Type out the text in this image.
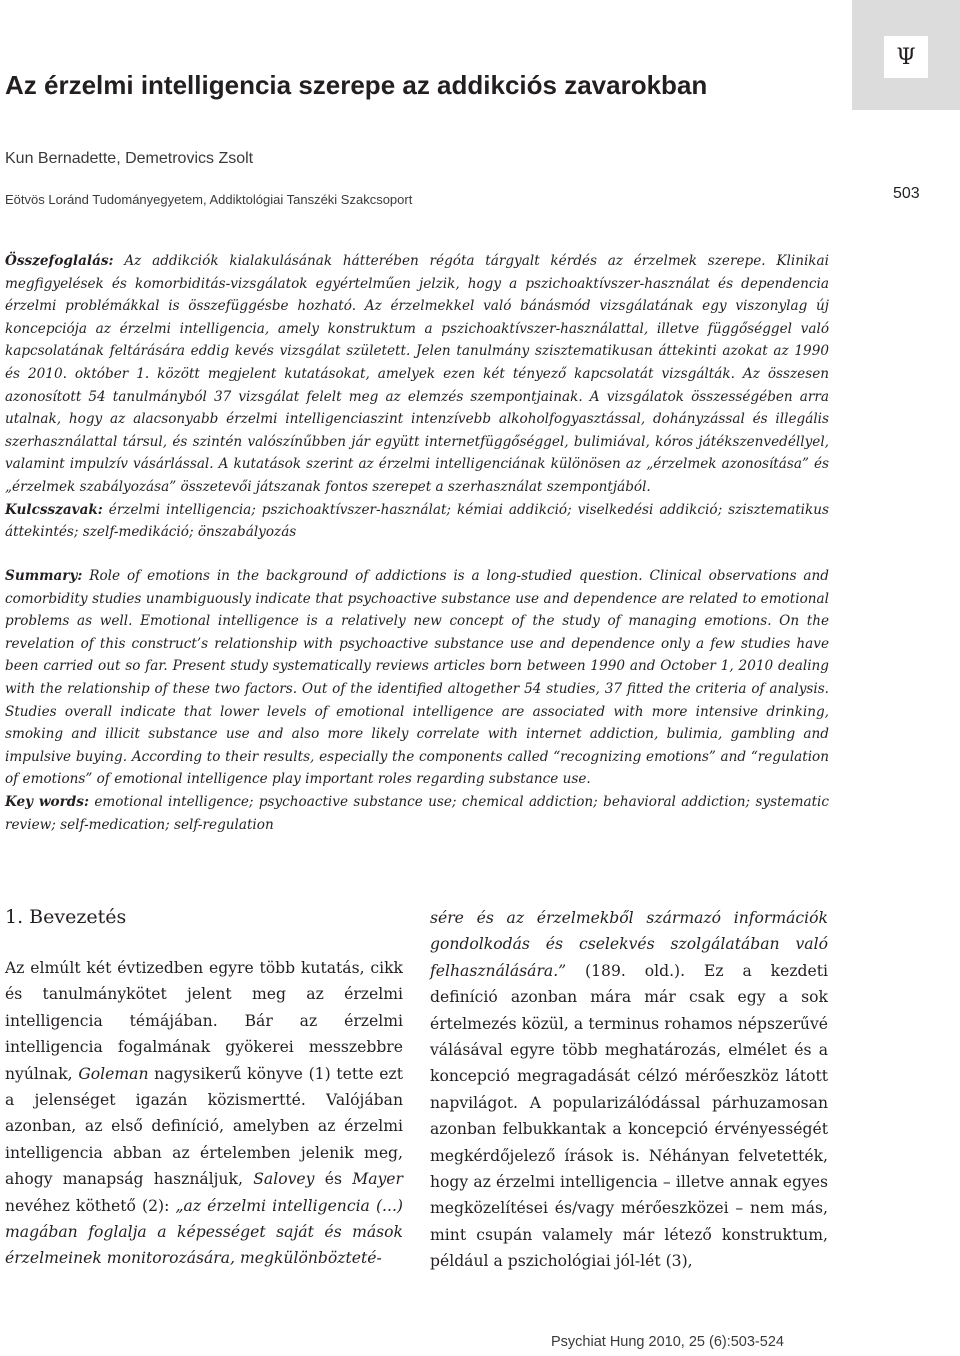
Ψ
Az érzelmi intelligencia szerepe az addikciós zavarokban
Kun Bernadette, Demetrovics Zsolt
Eötvös Loránd Tudományegyetem, Addiktológiai Tanszéki Szakcsoport	503

Összefoglalás: Az addikciók kialakulásának hátterében régóta tárgyalt kérdés az érzelmek szerepe. Klinikai megfigyelések és komorbiditás-vizsgálatok egyértelműen jelzik, hogy a pszichoaktívszer-használat és dependencia érzelmi problémákkal is összefüggésbe hozható. Az érzelmekkel való bánásmód vizsgálatának egy viszonylag új koncepciója az érzelmi intelligencia, amely konstruktum a pszichoaktívszer-használattal, illetve függőséggel való kapcsolatának feltárására eddig kevés vizsgálat született. Jelen tanulmány szisztematikusan áttekinti azokat az 1990 és 2010. október 1. között megjelent kutatásokat, amelyek ezen két tényező kapcsolatát vizsgálták. Az összesen azonosított 54 tanulmányból 37 vizsgálat felelt meg az elemzés szempontjainak. A vizsgálatok összességében arra utalnak, hogy az alacsonyabb érzelmi intelligenciaszint intenzívebb alkoholfogyasztással, dohányzással és illegális szerhasználattal társul, és szintén valószínűbben jár együtt internetfüggőséggel, bulimiával, kóros játékszenvedéllyel, valamint impulzív vásárlással. A kutatások szerint az érzelmi intelligenciának különösen az „érzelmek azonosítása” és „érzelmek szabályozása” összetevői játszanak fontos szerepet a szerhasználat szempontjából.

Kulcsszavak: érzelmi intelligencia; pszichoaktívszer-használat; kémiai addikció; viselkedési addikció; szisztematikus áttekintés; szelf-medikáció; önszabályozás

Summary: Role of emotions in the background of addictions is a long-studied question. Clinical observations and comorbidity studies unambiguously indicate that psychoactive substance use and dependence are related to emotional problems as well. Emotional intelligence is a relatively new concept of the study of managing emotions. On the revelation of this construct’s relationship with psychoactive substance use and dependence only a few studies have been carried out so far. Present study systematically reviews articles born between 1990 and October 1, 2010 dealing with the relationship of these two factors. Out of the identified altogether 54 studies, 37 fitted the criteria of analysis. Studies overall indicate that lower levels of emotional intelligence are associated with more intensive drinking, smoking and illicit substance use and also more likely correlate with internet addiction, bulimia, gambling and impulsive buying. According to their results, especially the components called “recognizing emotions” and “regulation of emotions” of emotional intelligence play important roles regarding substance use.

Key words: emotional intelligence; psychoactive substance use; chemical addiction; behavioral addiction; systematic review; self-medication; self-regulation

1. Bevezetés

Az elmúlt két évtizedben egyre több kutatás, cikk és tanulmánykötet jelent meg az érzelmi intelligencia témájában. Bár az érzelmi intelligencia fogalmának gyökerei messzebbre nyúlnak, Goleman nagysikerű könyve (1) tette ezt a jelenséget igazán közismertté. Valójában azonban, az első definíció, amelyben az érzelmi intelligencia abban az értelemben jelenik meg, ahogy manapság használjuk, Salovey és Mayer nevéhez köthető (2): „az érzelmi intelligencia (...) magában foglalja a képességet saját és mások érzelmeinek monitorozására, megkülönbözteté-

sére és az érzelmekből származó információk gondolkodás és cselekvés szolgálatában való felhasználására.” (189. old.). Ez a kezdeti definíció azonban mára már csak egy a sok értelmezés közül, a terminus rohamos népszerűvé válásával egyre több meghatározás, elmélet és a koncepció megragadását célzó mérőeszköz látott napvilágot. A popularizálódással párhuzamosan azonban felbukkantak a koncepció érvényességét megkérdőjelező írások is. Néhányan felvetették, hogy az érzelmi intelligencia – illetve annak egyes megközelítései és/vagy mérőeszközei – nem más, mint csupán valamely már létező konstruktum, például a pszichológiai jól-lét (3),

Psychiat Hung 2010, 25 (6):503-524
